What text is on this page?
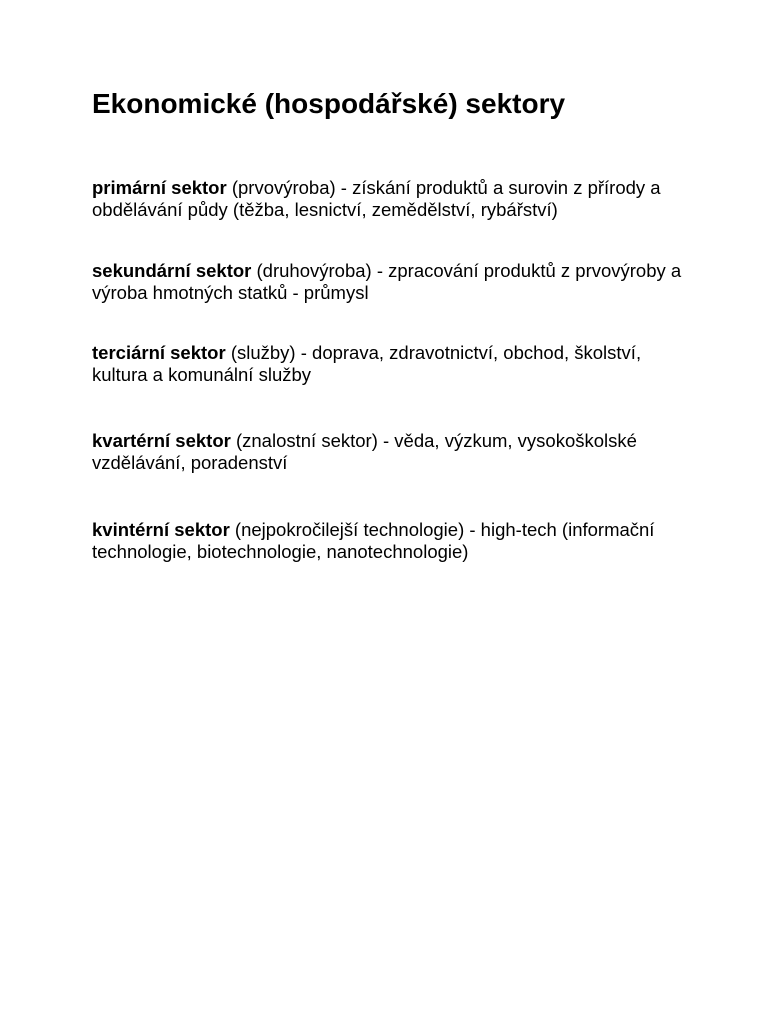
Ekonomické (hospodářské) sektory

primární sektor (prvovýroba) - získání produktů a surovin z přírody a obdělávání půdy (těžba, lesnictví, zemědělství, rybářství)

sekundární sektor (druhovýroba) - zpracování produktů z prvovýroby a výroba hmotných statků - průmysl

terciární sektor (služby) - doprava, zdravotnictví, obchod, školství, kultura a komunální služby

kvartérní sektor (znalostní sektor) - věda, výzkum, vysokoškolské vzdělávání, poradenství

kvintérní sektor (nejpokročilejší technologie) - high-tech (informační technologie, biotechnologie, nanotechnologie)
